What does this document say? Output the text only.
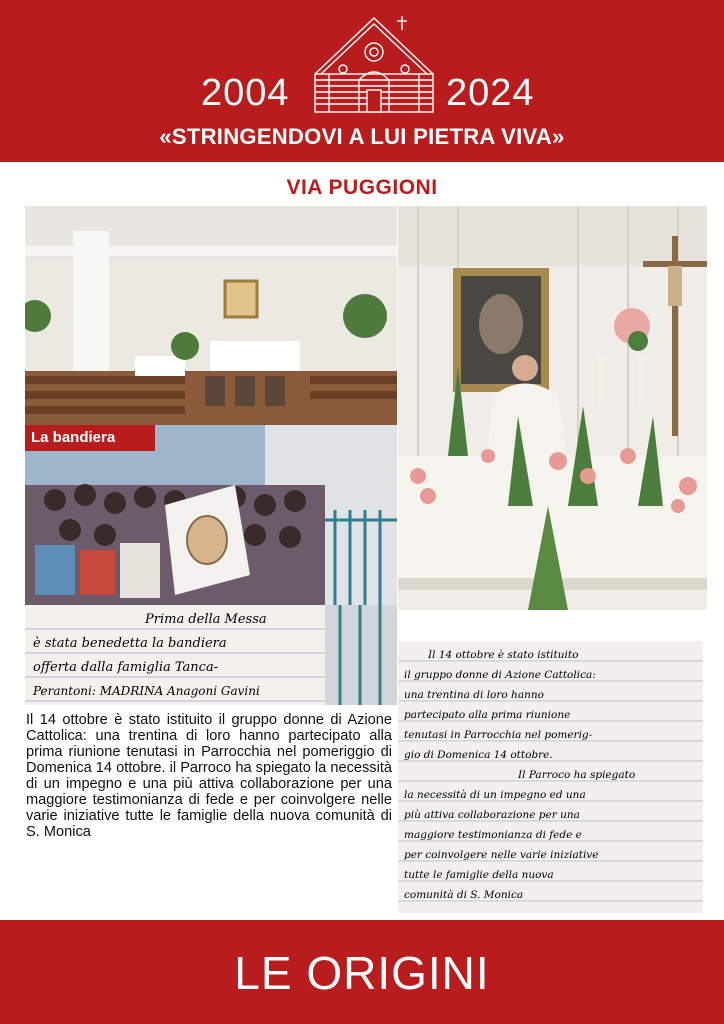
2004	2024
«STRINGENDOVI A LUI PIETRA VIVA»
VIA PUGGIONI
La bandiera
Prima della Messa
è stata benedetta la bandiera
offerta dalla famiglia Tanca-
Perantoni: MADRINA Anagoni Gavini
Il 14 ottobre è stato istituito
il gruppo donne di Azione Cattolica:
una trentina di loro hanno
partecipato alla prima riunione
tenutasi in Parrocchia nel pomerig-
gio di Domenica 14 ottobre.
Il Parroco ha spiegato
la necessità di un impegno ed una
più attiva collaborazione per una
maggiore testimonianza di fede e
per coinvolgere nelle varie iniziative
tutte le famiglie della nuova
comunità di S. Monica
Il 14 ottobre è stato istituito il gruppo donne di Azione Cattolica: una trentina di loro hanno partecipato alla prima riunione tenutasi in Parrocchia nel pomeriggio di Domenica 14 ottobre. il Parroco ha spiegato la necessità di un impegno e una più attiva collaborazione per una maggiore testimonianza di fede e per coinvolgere nelle varie iniziative tutte le famiglie della nuova comunità di S. Monica
LE ORIGINI
